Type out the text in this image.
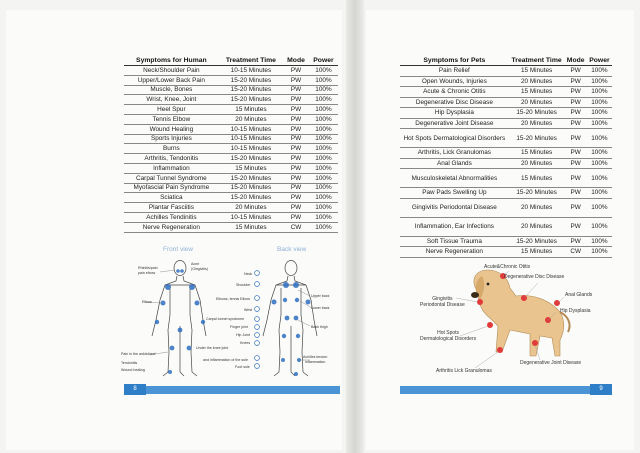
Symptoms for Human	Treatment Time	Mode	Power
Neck/Shoulder Pain	10-15 Minutes	PW	100%
Upper/Lower Back Pain	15-20 Minutes	PW	100%
Muscle, Bones	15-20 Minutes	PW	100%
Wrist, Knee, Joint	15-20 Minutes	PW	100%
Heel Spur	15 Minutes	PW	100%
Tennis Elbow	20 Minutes	PW	100%
Wound Healing	10-15 Minutes	PW	100%
Sports Injuries	10-15 Minutes	PW	100%
Burns	10-15 Minutes	PW	100%
Arthritis, Tendonitis	15-20 Minutes	PW	100%
Inflammation	15 Minutes	PW	100%
Carpal Tunnel Syndrome	15-20 Minutes	PW	100%
Myofascial Pain Syndrome	15-20 Minutes	PW	100%
Sciatica	15-20 Minutes	PW	100%
Plantar Fasciitis	20 Minutes	PW	100%
Achilles Tendinitis	10-15 Minutes	PW	100%
Nerve Regeneration	15 Minutes	CW	100%
Symptoms for Pets	Treatment Time	Mode	Power
Pain Relief	15 Minutes	PW	100%
Open Wounds, Injuries	20 Minutes	PW	100%
Acute & Chronic Otitis	15 Minutes	PW	100%
Degenerative Disc Disease	20 Minutes	PW	100%
Hip Dysplasia	15-20 Minutes	PW	100%
Degenerative Joint Disease	20 Minutes	PW	100%
Hot Spots Dermatological Disorders	15-20 Minutes	PW	100%
Arthritis, Lick Granulomas	15 Minutes	PW	100%
Anal Glands	20 Minutes	PW	100%
Musculoskeletal Abnormalities	15 Minutes	PW	100%
Paw Pads Swelling Up	15-20 Minutes	PW	100%
Gingivitis Periodontal Disease	20 Minutes	PW	100%
Inflammation, Ear Infections	20 Minutes	PW	100%
Soft Tissue Trauma	15-20 Minutes	PW	100%
Nerve Regeneration	15 Minutes	CW	100%
Front view	Back view
Acne
(Gingivitis)
Rhinitis/pain
pain elbow	Neck
Shoulder
Elbow
Elbows, tennis Elbow
Wrist
Carpal tunnel syndrome
Finger joint
Hip Joint
Knees
Under the knee joint
Upper back
Lower back
Back thigh
Pain in the ankle/heel
Tendonitis
Wound healing
and inflammation of the sole
Foot sole
Achilles tendon
inflammation
8
Acute&Chronic Otitis
Degenerative Disc Disease
Gingivitis
Periodontal Disease
Anal Glands
Hip Dysplasia
Hot Spots
Dermatological Disorders
Degenerative Joint Disease
Arthritis Lick Granulomas
9
